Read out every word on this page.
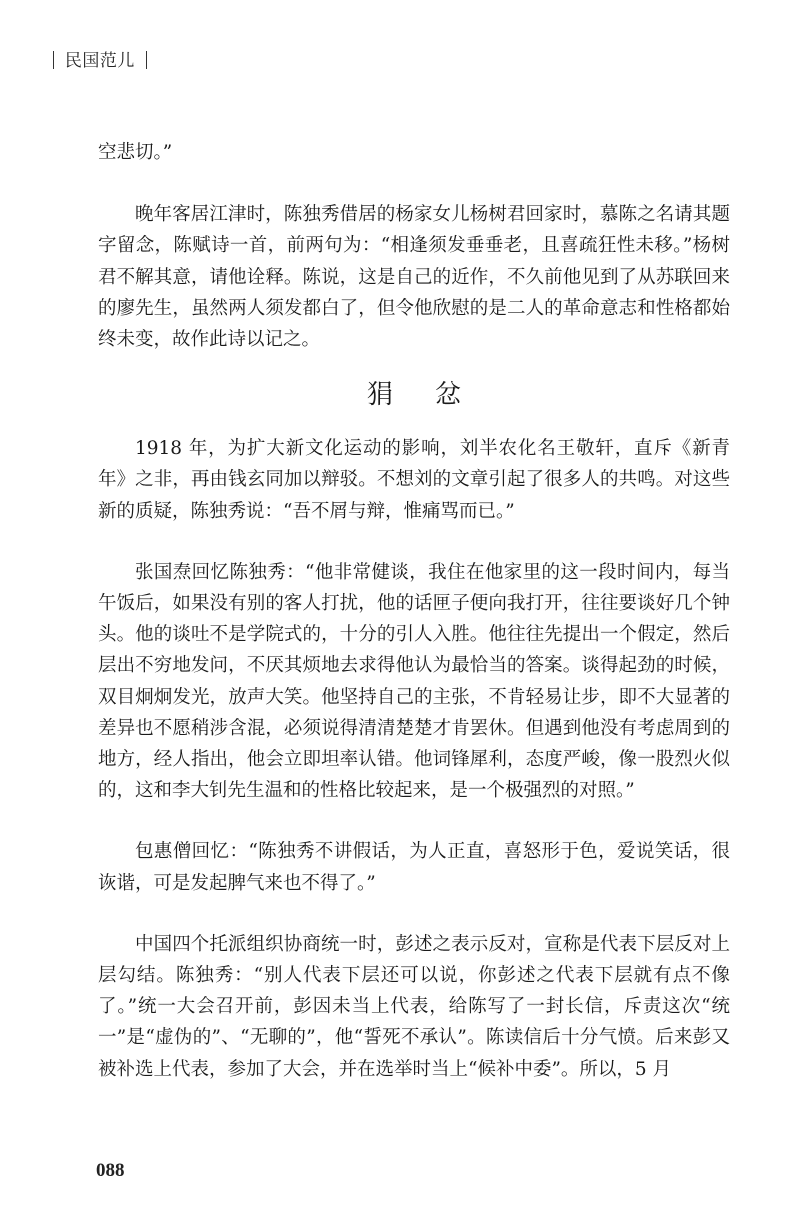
民国范儿

空悲切。”

晚年客居江津时，陈独秀借居的杨家女儿杨树君回家时，慕陈之名请其题字留念，陈赋诗一首，前两句为：“相逢须发垂垂老，且喜疏狂性未移。”杨树君不解其意，请他诠释。陈说，这是自己的近作，不久前他见到了从苏联回来的廖先生，虽然两人须发都白了，但令他欣慰的是二人的革命意志和性格都始终未变，故作此诗以记之。

狷忿

1918 年，为扩大新文化运动的影响，刘半农化名王敬轩，直斥《新青年》之非，再由钱玄同加以辩驳。不想刘的文章引起了很多人的共鸣。对这些新的质疑，陈独秀说：“吾不屑与辩，惟痛骂而已。”

张国焘回忆陈独秀：“他非常健谈，我住在他家里的这一段时间内，每当午饭后，如果没有别的客人打扰，他的话匣子便向我打开，往往要谈好几个钟头。他的谈吐不是学院式的，十分的引人入胜。他往往先提出一个假定，然后层出不穷地发问，不厌其烦地去求得他认为最恰当的答案。谈得起劲的时候，双目炯炯发光，放声大笑。他坚持自己的主张，不肯轻易让步，即不大显著的差异也不愿稍涉含混，必须说得清清楚楚才肯罢休。但遇到他没有考虑周到的地方，经人指出，他会立即坦率认错。他词锋犀利，态度严峻，像一股烈火似的，这和李大钊先生温和的性格比较起来，是一个极强烈的对照。”

包惠僧回忆：“陈独秀不讲假话，为人正直，喜怒形于色，爱说笑话，很诙谐，可是发起脾气来也不得了。”

中国四个托派组织协商统一时，彭述之表示反对，宣称是代表下层反对上层勾结。陈独秀：“别人代表下层还可以说，你彭述之代表下层就有点不像了。”统一大会召开前，彭因未当上代表，给陈写了一封长信，斥责这次“统一”是“虚伪的”、“无聊的”，他“誓死不承认”。陈读信后十分气愤。后来彭又被补选上代表，参加了大会，并在选举时当上“候补中委”。所以，5 月

088
